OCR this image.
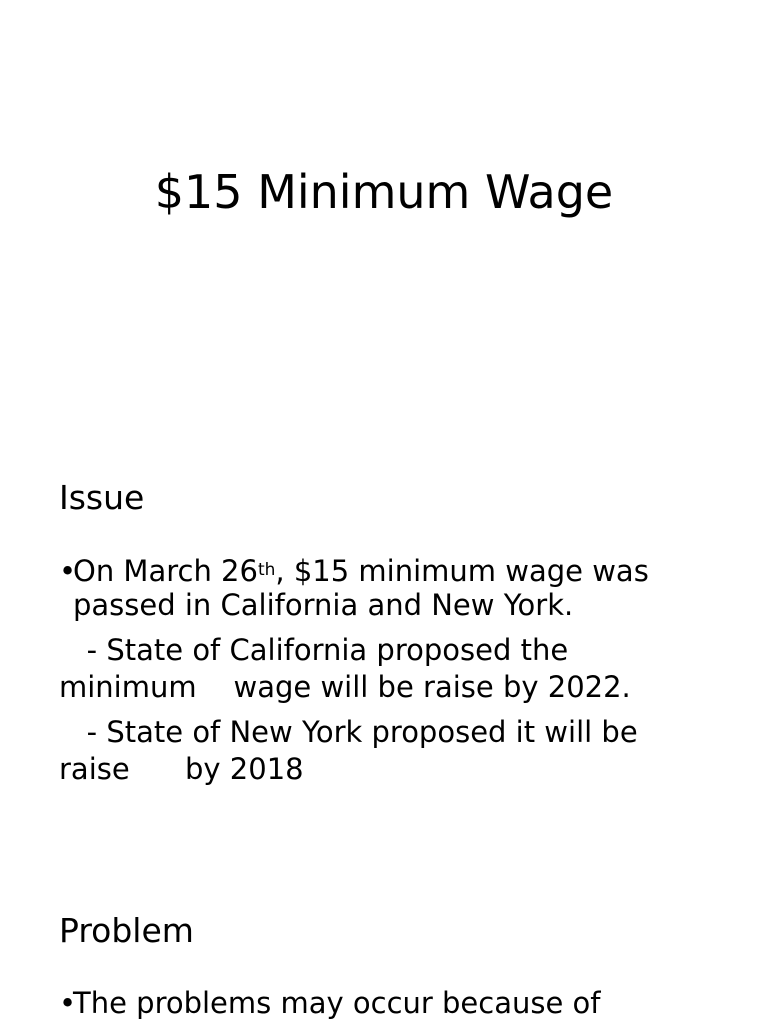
$15 Minimum Wage
Issue
•On March 26th, $15 minimum wage was passed in California and New York.
- State of California proposed the
minimum    wage will be raise by 2022.
- State of New York proposed it will be
raise      by 2018
Problem
•The problems may occur because of
